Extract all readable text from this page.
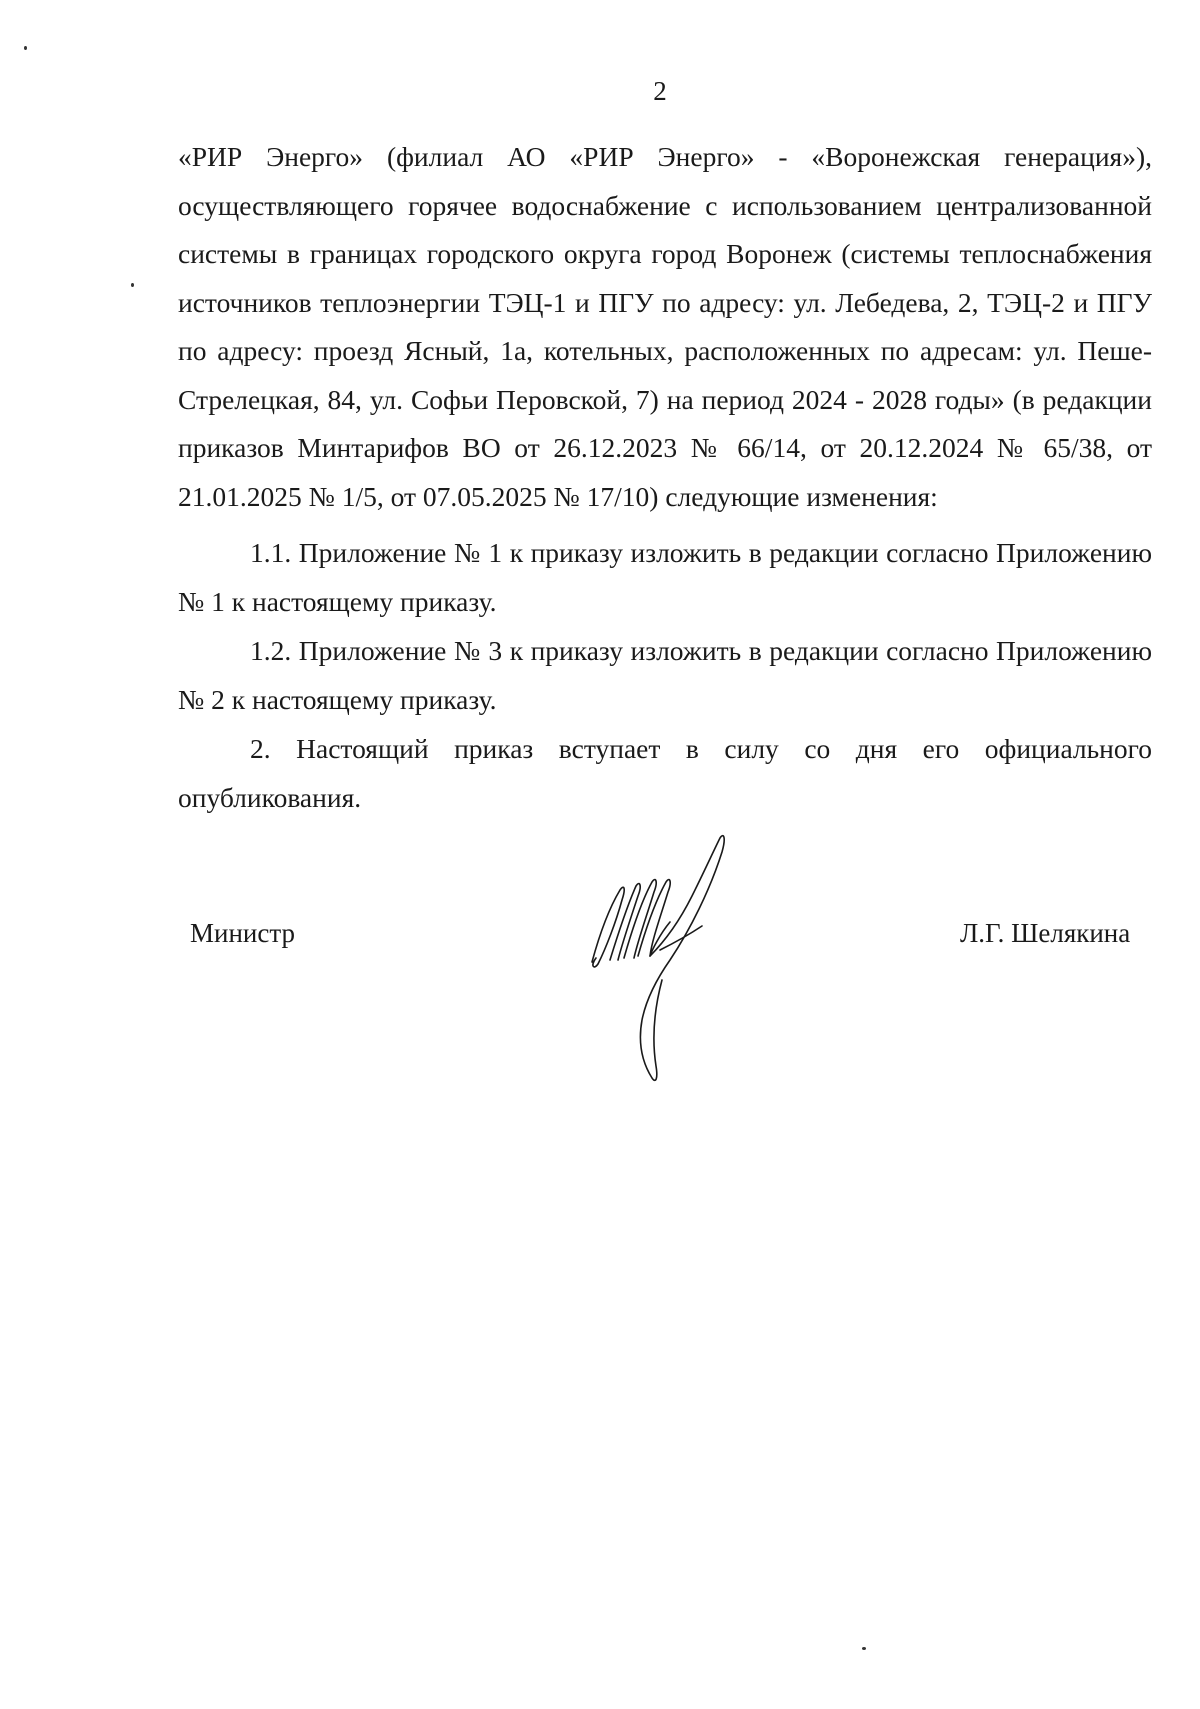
2
«РИР Энерго» (филиал АО «РИР Энерго» - «Воронежская генерация»), осуществляющего горячее водоснабжение с использованием централизованной системы в границах городского округа город Воронеж (системы теплоснабжения источников теплоэнергии ТЭЦ-1 и ПГУ по адресу: ул. Лебедева, 2, ТЭЦ-2 и ПГУ по адресу: проезд Ясный, 1а, котельных, расположенных по адресам: ул. Пеше-Стрелецкая, 84, ул. Софьи Перовской, 7) на период 2024 - 2028 годы» (в редакции приказов Минтарифов ВО от 26.12.2023 № 66/14, от 20.12.2024 № 65/38, от 21.01.2025 № 1/5, от 07.05.2025 № 17/10) следующие изменения:
1.1. Приложение № 1 к приказу изложить в редакции согласно Приложению № 1 к настоящему приказу.
1.2. Приложение № 3 к приказу изложить в редакции согласно Приложению № 2 к настоящему приказу.
2. Настоящий приказ вступает в силу со дня его официального опубликования.
Министр	Л.Г. Шелякина
